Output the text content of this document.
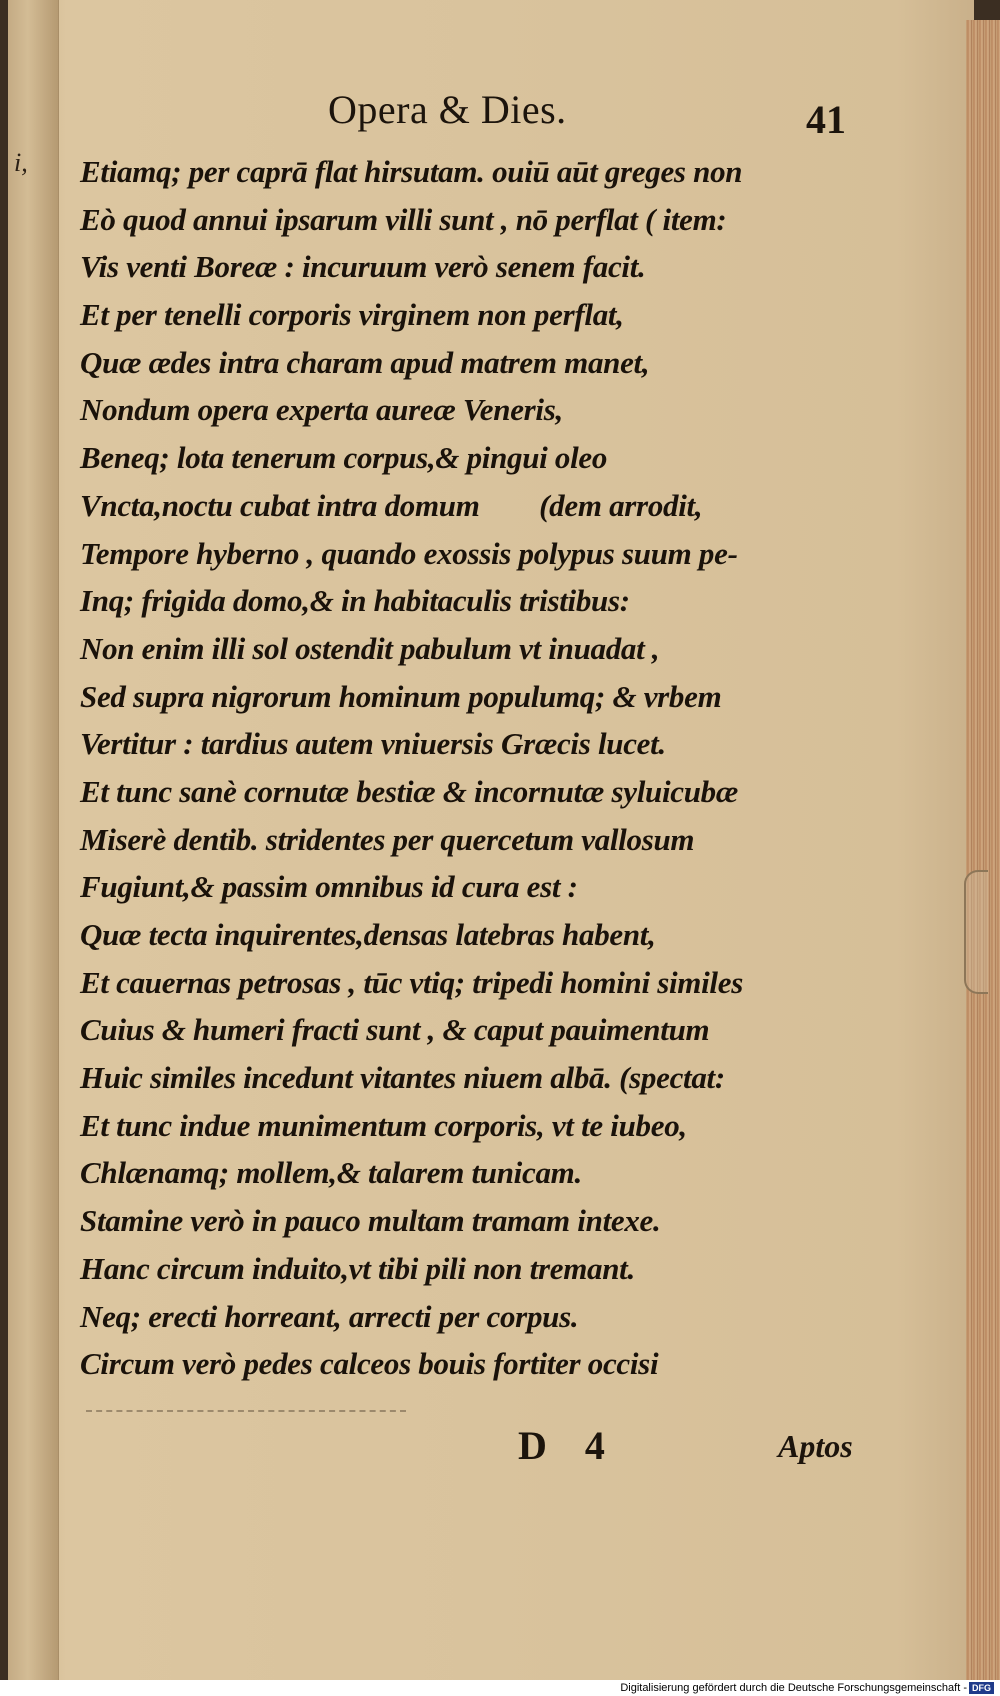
i,
Opera & Dies.	41
Etiamq; per caprā flat hirsutam. ouiū aūt greges non
Eò quod annui ipsarum villi sunt , nō perflat ( item:
Vis venti Boreæ : incuruum verò senem facit.
Et per tenelli corporis virginem non perflat,
Quæ ædes intra charam apud matrem manet,
Nondum opera experta aureæ Veneris,
Beneq; lota tenerum corpus,& pingui oleo
Vncta,noctu cubat intra domum        (dem arrodit,
Tempore hyberno , quando exossis polypus suum pe-
Inq; frigida domo,& in habitaculis tristibus:
Non enim illi sol ostendit pabulum vt inuadat ,
Sed supra nigrorum hominum populumq; & vrbem
Vertitur : tardius autem vniuersis Græcis lucet.
Et tunc sanè cornutæ bestiæ & incornutæ syluicubæ
Miserè dentib. stridentes per quercetum vallosum
Fugiunt,& passim omnibus id cura est :
Quæ tecta inquirentes,densas latebras habent,
Et cauernas petrosas , tūc vtiq; tripedi homini similes
Cuius & humeri fracti sunt , & caput pauimentum
Huic similes incedunt vitantes niuem albā. (spectat:
Et tunc indue munimentum corporis, vt te iubeo,
Chlænamq; mollem,& talarem tunicam.
Stamine verò in pauco multam tramam intexe.
Hanc circum induito,vt tibi pili non tremant.
Neq; erecti horreant, arrecti per corpus.
Circum verò pedes calceos bouis fortiter occisi
D 4	Aptos
Digitalisierung gefördert durch die Deutsche Forschungsgemeinschaft - DFG
